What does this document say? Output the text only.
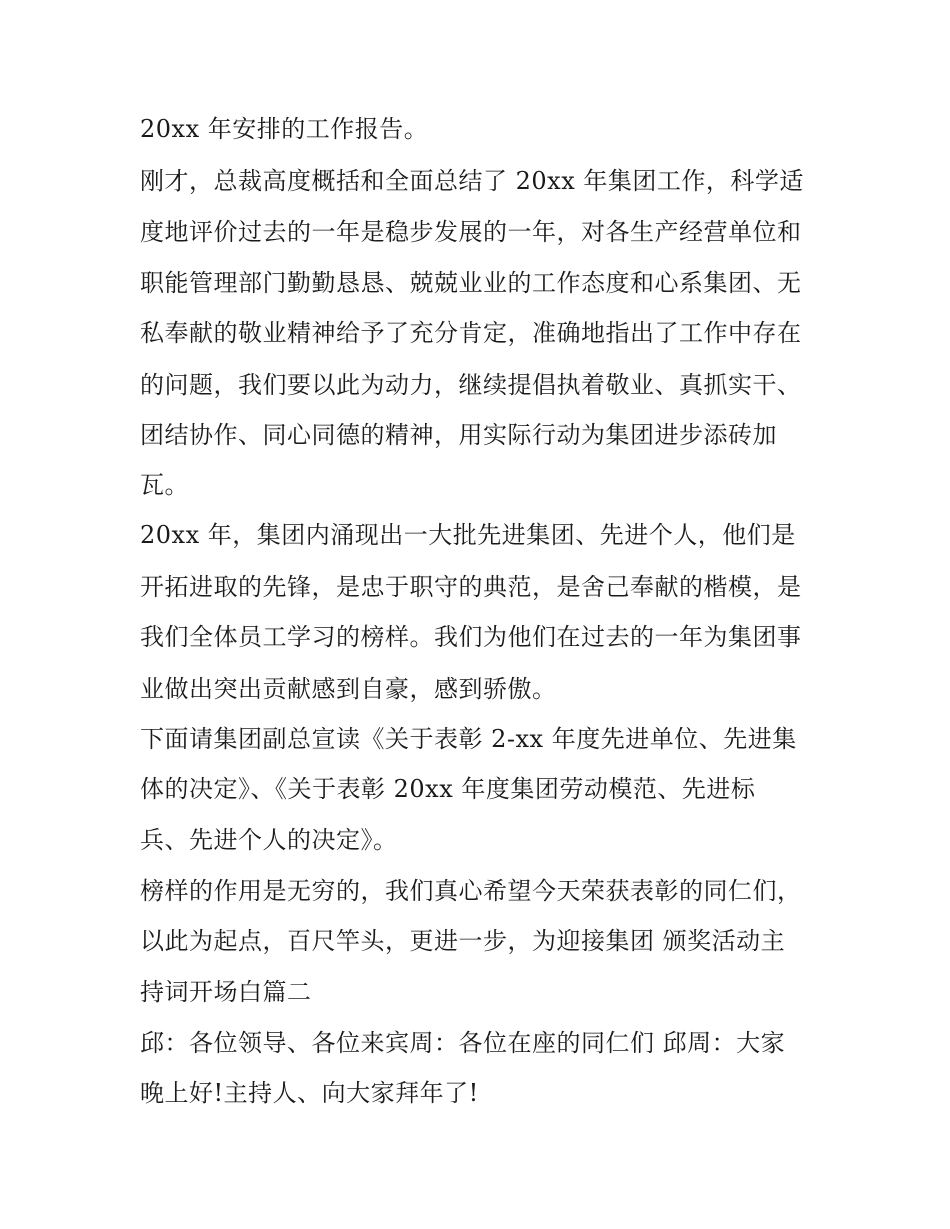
20xx 年安排的工作报告。
刚才，总裁高度概括和全面总结了 20xx 年集团工作，科学适
度地评价过去的一年是稳步发展的一年，对各生产经营单位和
职能管理部门勤勤恳恳、兢兢业业的工作态度和心系集团、无
私奉献的敬业精神给予了充分肯定，准确地指出了工作中存在
的问题，我们要以此为动力，继续提倡执着敬业、真抓实干、
团结协作、同心同德的精神，用实际行动为集团进步添砖加
瓦。
20xx 年，集团内涌现出一大批先进集团、先进个人，他们是
开拓进取的先锋，是忠于职守的典范，是舍己奉献的楷模，是
我们全体员工学习的榜样。我们为他们在过去的一年为集团事
业做出突出贡献感到自豪，感到骄傲。
下面请集团副总宣读《关于表彰 2-xx 年度先进单位、先进集
体的决定》、《关于表彰 20xx 年度集团劳动模范、先进标
兵、先进个人的决定》。
榜样的作用是无穷的，我们真心希望今天荣获表彰的同仁们，
以此为起点，百尺竿头，更进一步，为迎接集团 颁奖活动主
持词开场白篇二
邱：各位领导、各位来宾周：各位在座的同仁们 邱周：大家
晚上好!主持人、向大家拜年了!
